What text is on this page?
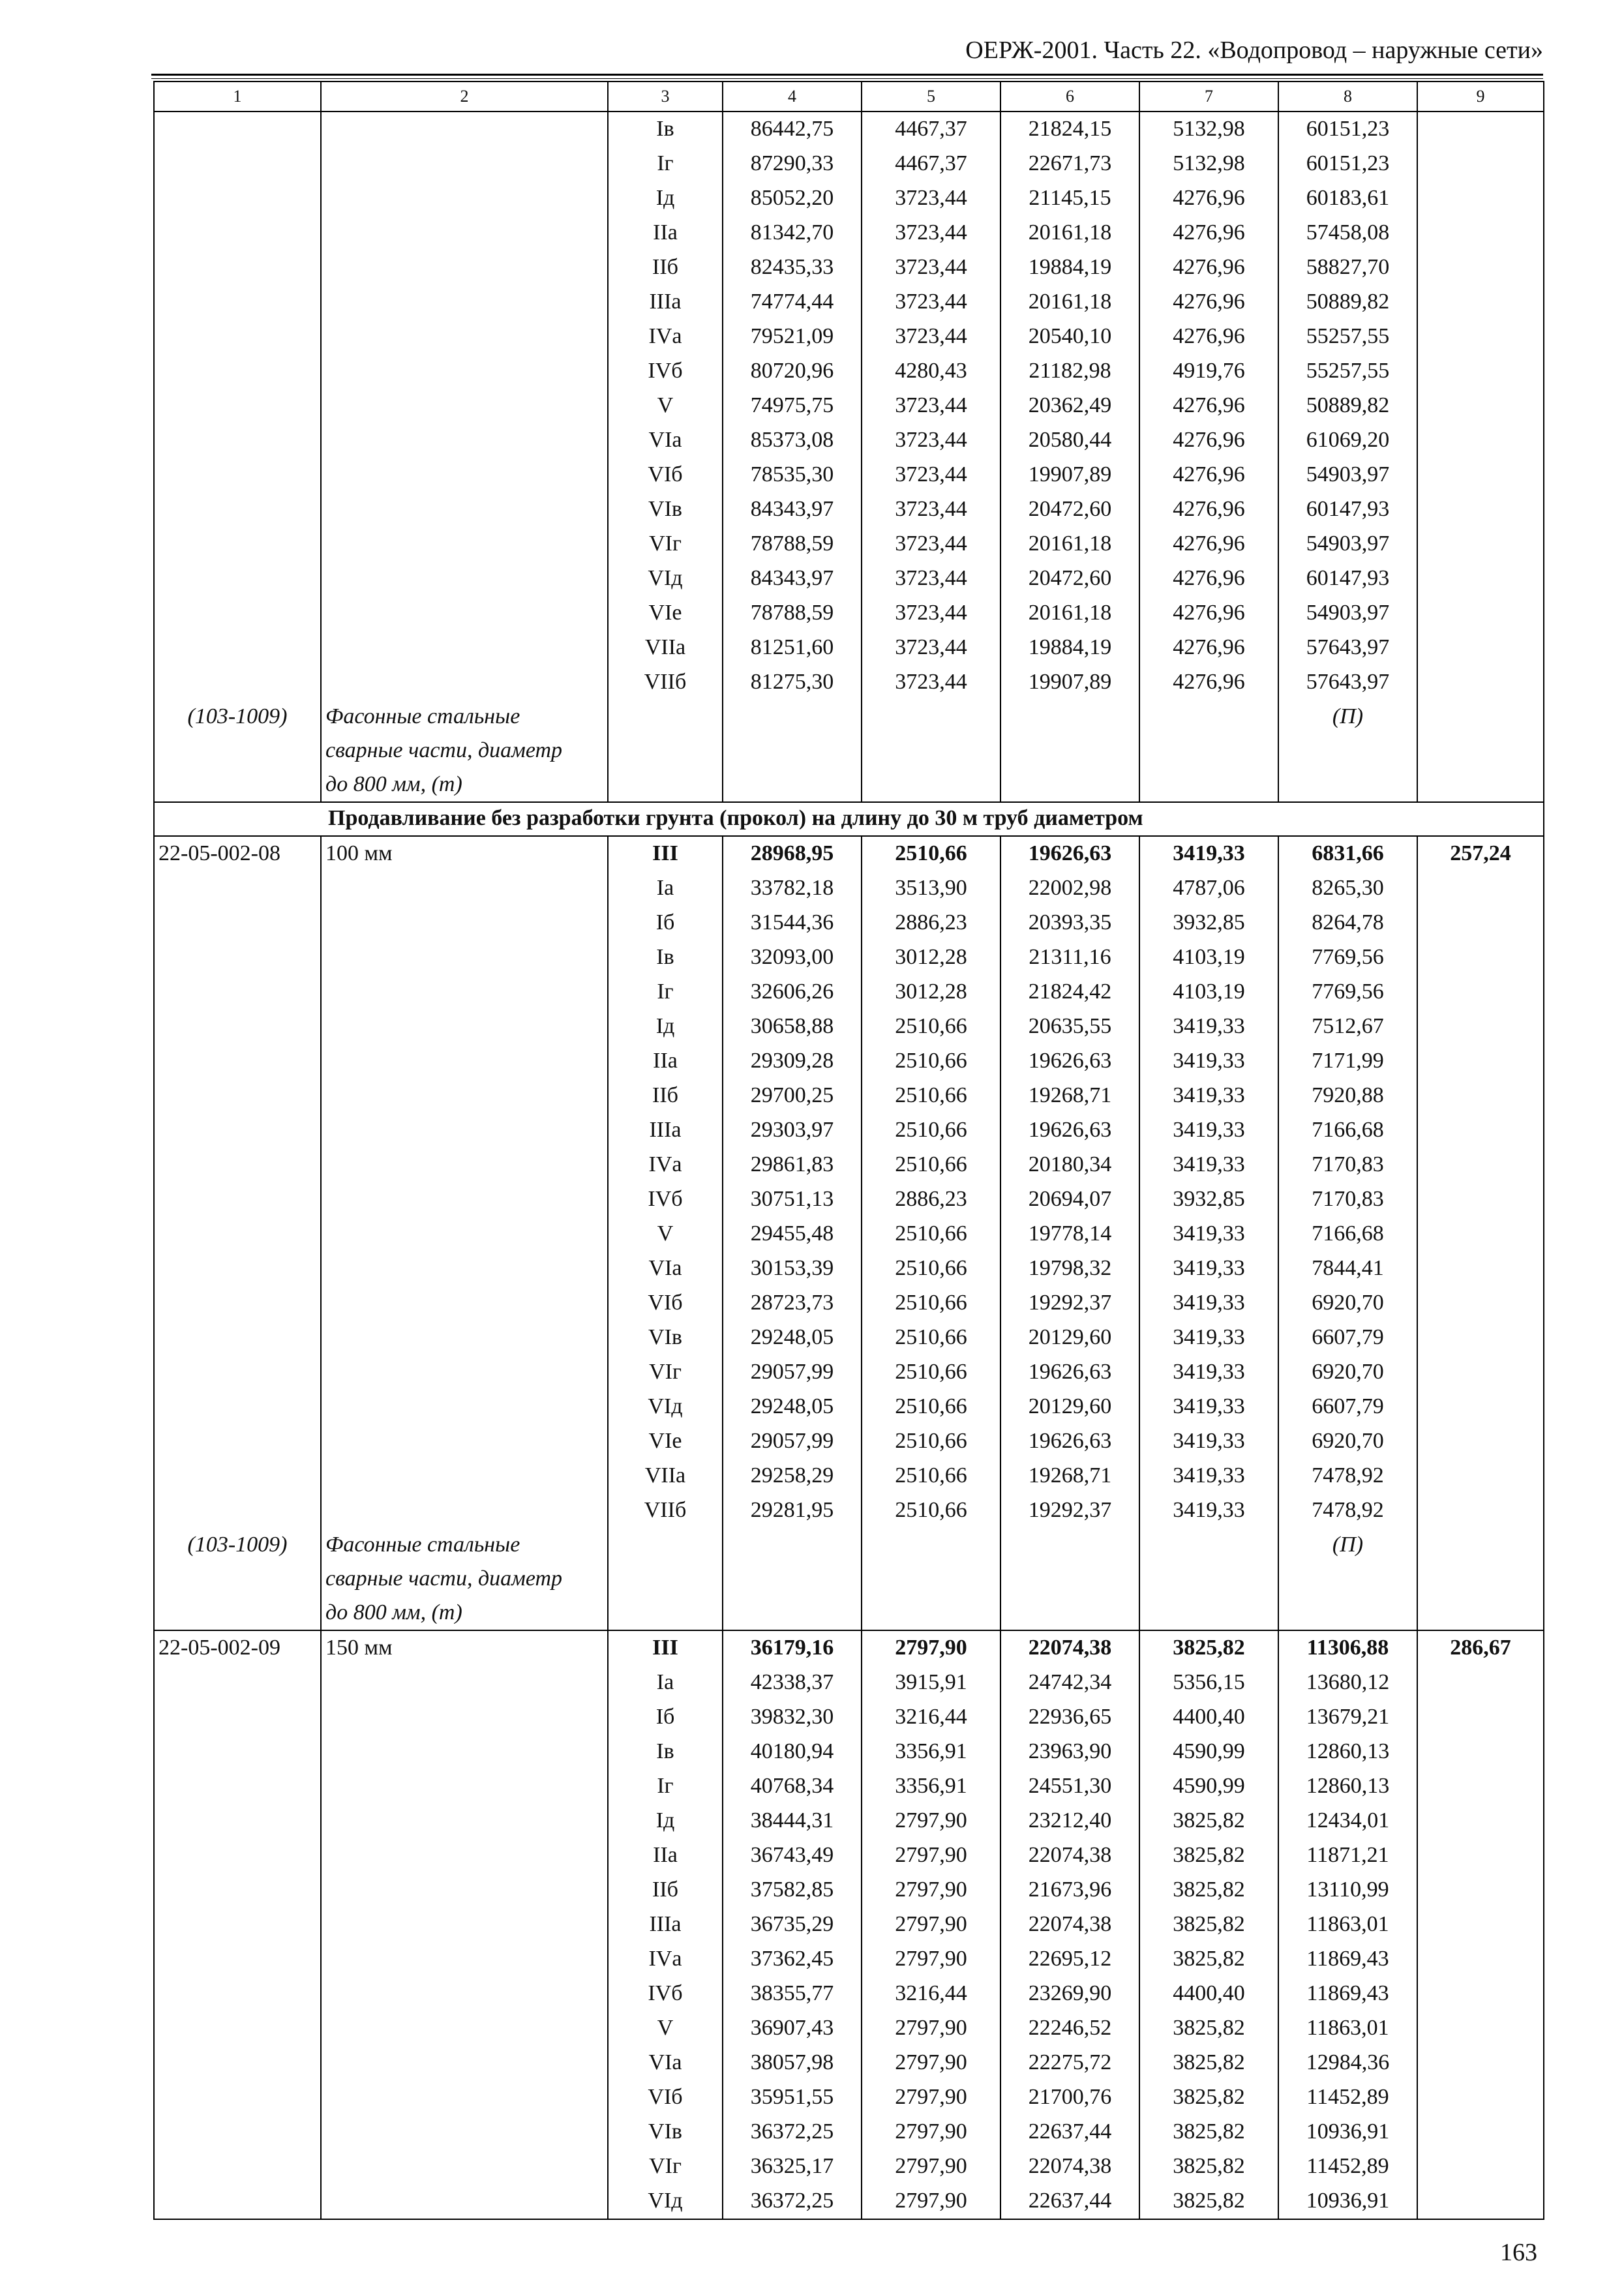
ОЕРЖ-2001. Часть 22. «Водопровод – наружные сети»
1	2	3	4	5	6	7	8	9
		Iв	86442,75	4467,37	21824,15	5132,98	60151,23	
		Iг	87290,33	4467,37	22671,73	5132,98	60151,23	
		Iд	85052,20	3723,44	21145,15	4276,96	60183,61	
		IIа	81342,70	3723,44	20161,18	4276,96	57458,08	
		IIб	82435,33	3723,44	19884,19	4276,96	58827,70	
		IIIа	74774,44	3723,44	20161,18	4276,96	50889,82	
		IVа	79521,09	3723,44	20540,10	4276,96	55257,55	
		IVб	80720,96	4280,43	21182,98	4919,76	55257,55	
		V	74975,75	3723,44	20362,49	4276,96	50889,82	
		VIа	85373,08	3723,44	20580,44	4276,96	61069,20	
		VIб	78535,30	3723,44	19907,89	4276,96	54903,97	
		VIв	84343,97	3723,44	20472,60	4276,96	60147,93	
		VIг	78788,59	3723,44	20161,18	4276,96	54903,97	
		VIд	84343,97	3723,44	20472,60	4276,96	60147,93	
		VIе	78788,59	3723,44	20161,18	4276,96	54903,97	
		VIIа	81251,60	3723,44	19884,19	4276,96	57643,97	
		VIIб	81275,30	3723,44	19907,89	4276,96	57643,97	
(103-1009)	Фасонные стальные
сварные части, диаметр
до 800 мм, (т)						(П)	
Продавливание без разработки грунта (прокол) на длину до 30 м труб диаметром								
22-05-002-08	100 мм	III	28968,95	2510,66	19626,63	3419,33	6831,66	257,24
		Iа	33782,18	3513,90	22002,98	4787,06	8265,30	
		Iб	31544,36	2886,23	20393,35	3932,85	8264,78	
		Iв	32093,00	3012,28	21311,16	4103,19	7769,56	
		Iг	32606,26	3012,28	21824,42	4103,19	7769,56	
		Iд	30658,88	2510,66	20635,55	3419,33	7512,67	
		IIа	29309,28	2510,66	19626,63	3419,33	7171,99	
		IIб	29700,25	2510,66	19268,71	3419,33	7920,88	
		IIIа	29303,97	2510,66	19626,63	3419,33	7166,68	
		IVа	29861,83	2510,66	20180,34	3419,33	7170,83	
		IVб	30751,13	2886,23	20694,07	3932,85	7170,83	
		V	29455,48	2510,66	19778,14	3419,33	7166,68	
		VIа	30153,39	2510,66	19798,32	3419,33	7844,41	
		VIб	28723,73	2510,66	19292,37	3419,33	6920,70	
		VIв	29248,05	2510,66	20129,60	3419,33	6607,79	
		VIг	29057,99	2510,66	19626,63	3419,33	6920,70	
		VIд	29248,05	2510,66	20129,60	3419,33	6607,79	
		VIе	29057,99	2510,66	19626,63	3419,33	6920,70	
		VIIа	29258,29	2510,66	19268,71	3419,33	7478,92	
		VIIб	29281,95	2510,66	19292,37	3419,33	7478,92	
(103-1009)	Фасонные стальные
сварные части, диаметр
до 800 мм, (т)						(П)	
22-05-002-09	150 мм	III	36179,16	2797,90	22074,38	3825,82	11306,88	286,67
		Iа	42338,37	3915,91	24742,34	5356,15	13680,12	
		Iб	39832,30	3216,44	22936,65	4400,40	13679,21	
		Iв	40180,94	3356,91	23963,90	4590,99	12860,13	
		Iг	40768,34	3356,91	24551,30	4590,99	12860,13	
		Iд	38444,31	2797,90	23212,40	3825,82	12434,01	
		IIа	36743,49	2797,90	22074,38	3825,82	11871,21	
		IIб	37582,85	2797,90	21673,96	3825,82	13110,99	
		IIIа	36735,29	2797,90	22074,38	3825,82	11863,01	
		IVа	37362,45	2797,90	22695,12	3825,82	11869,43	
		IVб	38355,77	3216,44	23269,90	4400,40	11869,43	
		V	36907,43	2797,90	22246,52	3825,82	11863,01	
		VIа	38057,98	2797,90	22275,72	3825,82	12984,36	
		VIб	35951,55	2797,90	21700,76	3825,82	11452,89	
		VIв	36372,25	2797,90	22637,44	3825,82	10936,91	
		VIг	36325,17	2797,90	22074,38	3825,82	11452,89	
		VIд	36372,25	2797,90	22637,44	3825,82	10936,91	
163
